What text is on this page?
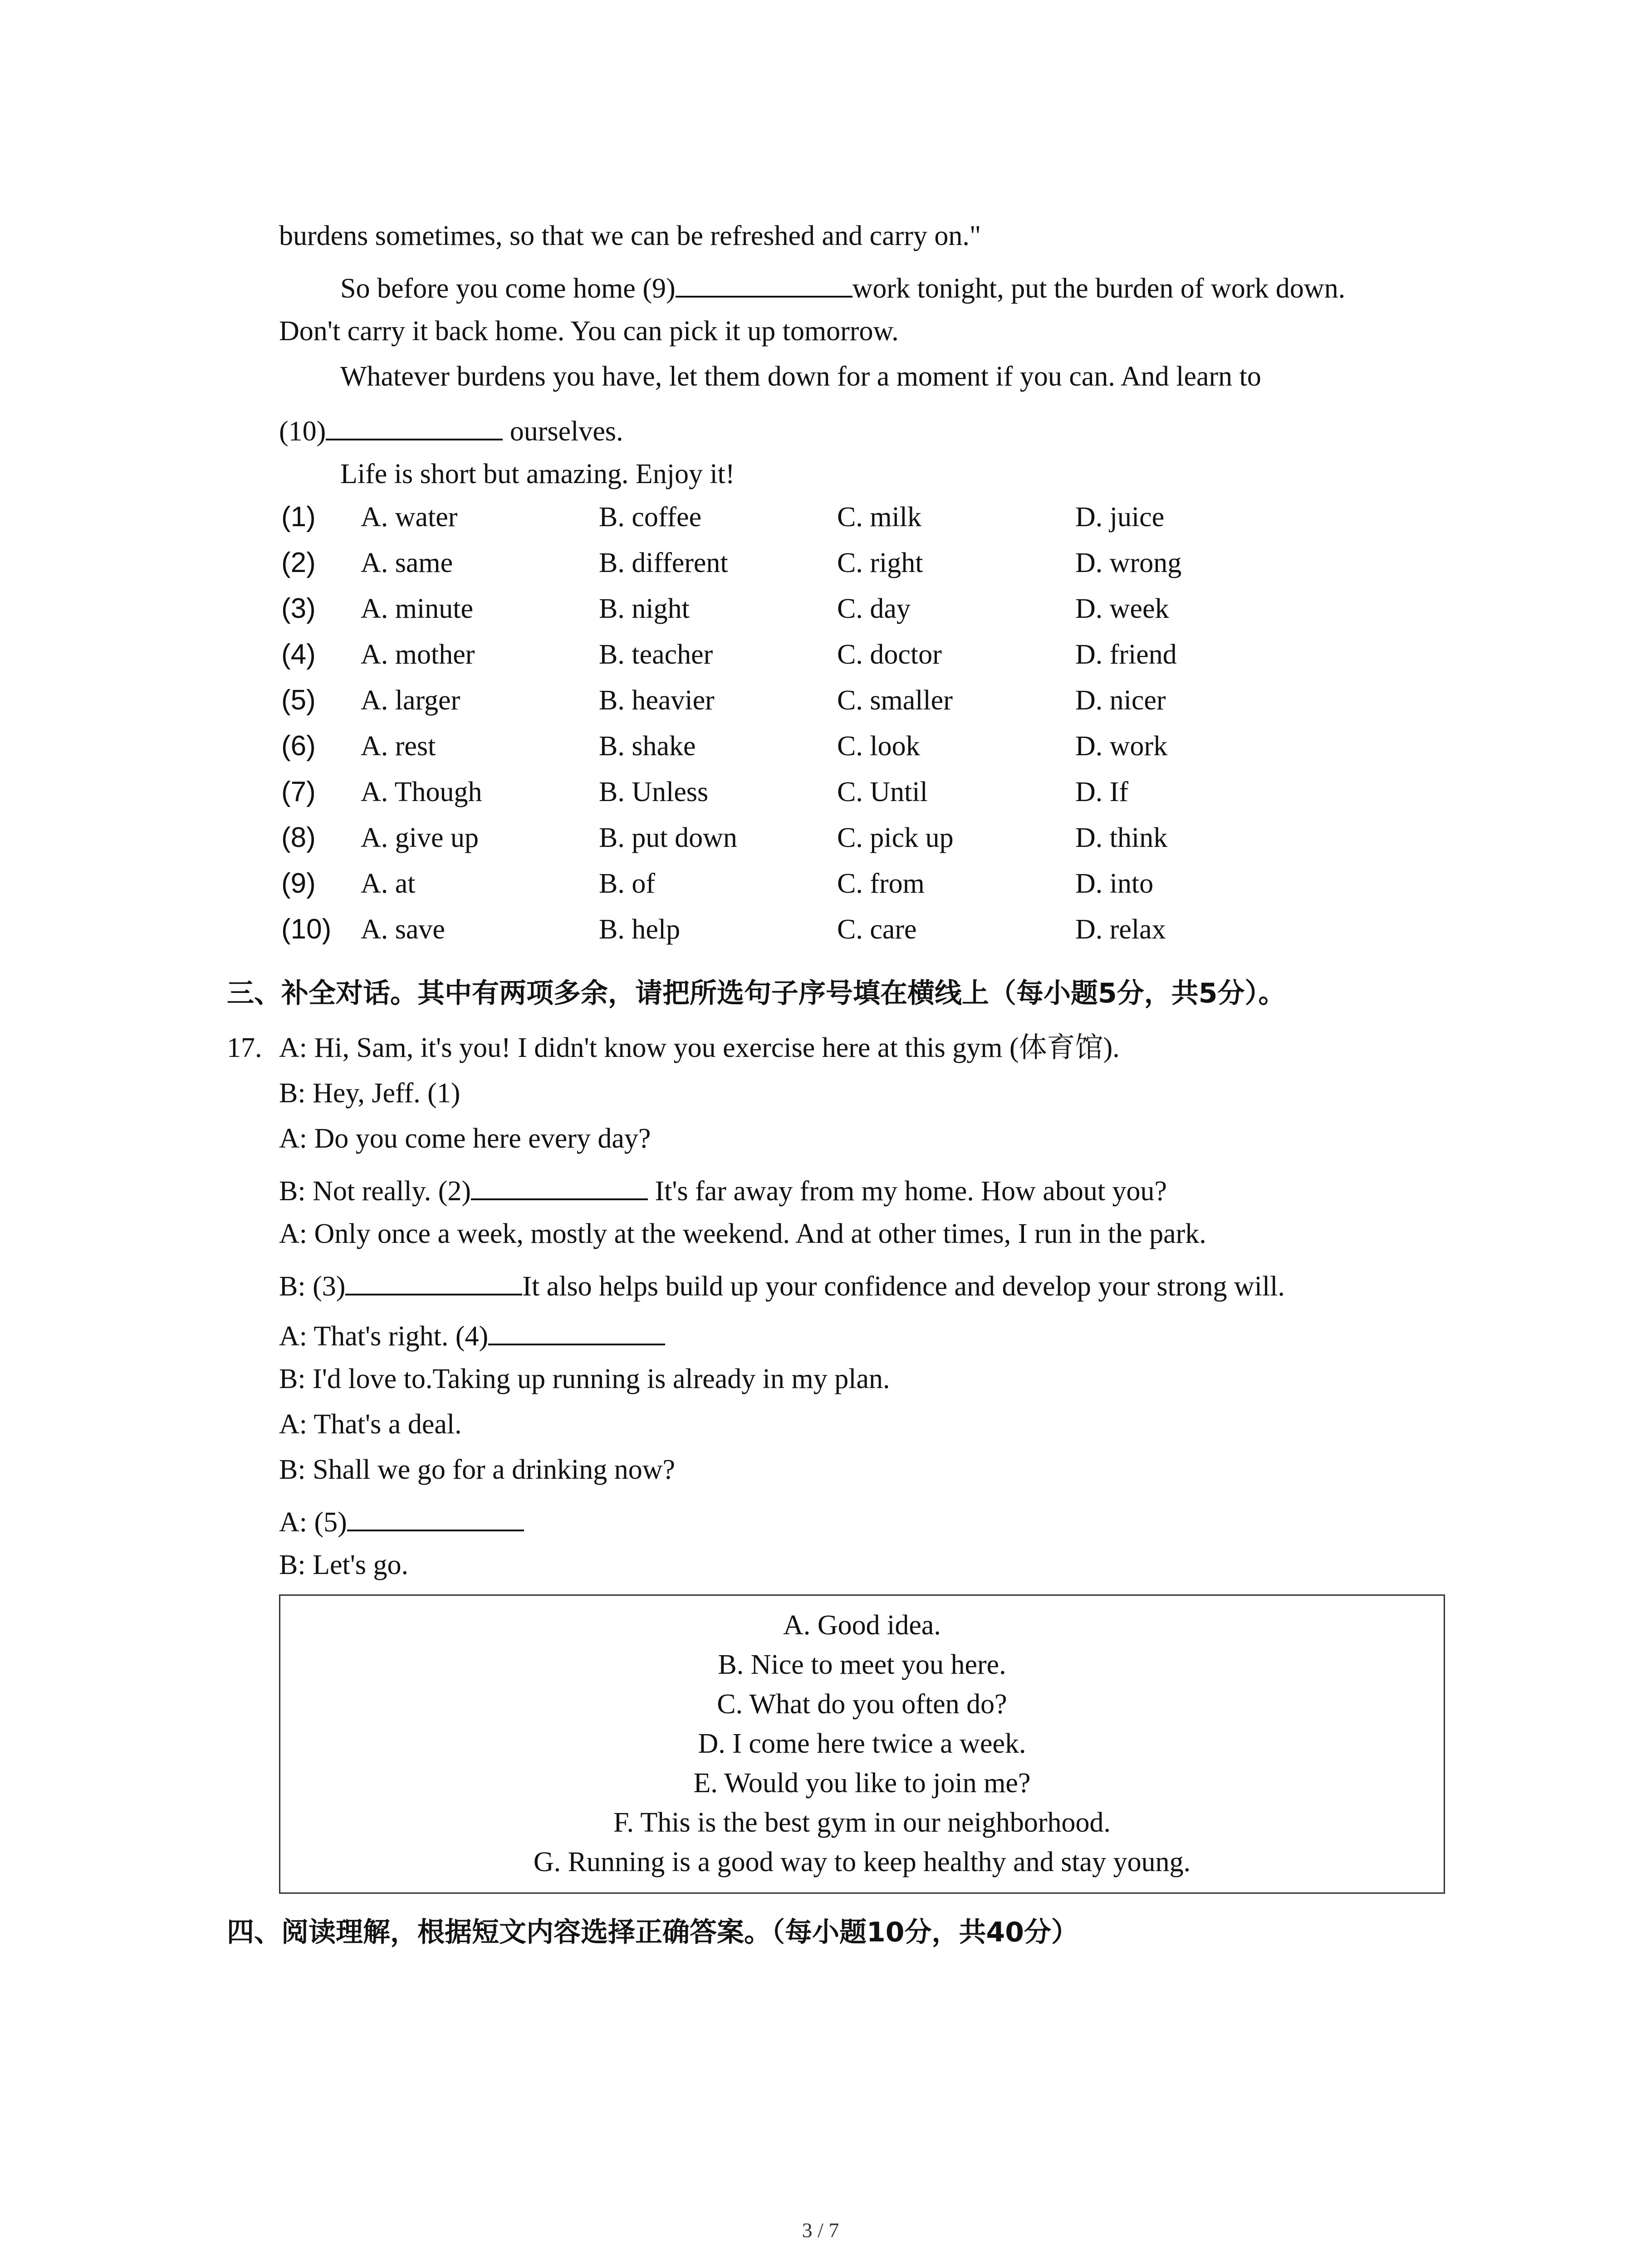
burdens sometimes, so that we can be refreshed and carry on."
So before you come home (9)	work tonight, put the burden of work down.
Don't carry it back home. You can pick it up tomorrow.
Whatever burdens you have, let them down for a moment if you can. And learn to
(10)	ourselves.
Life is short but amazing. Enjoy it!
(1) A. water	B. coffee	C. milk	D. juice
(2) A. same	B. different	C. right	D. wrong
(3) A. minute	B. night	C. day	D. week
(4) A. mother	B. teacher	C. doctor	D. friend
(5) A. larger	B. heavier	C. smaller	D. nicer
(6) A. rest	B. shake	C. look	D. work
(7) A. Though	B. Unless	C. Until	D. If
(8) A. give up	B. put down	C. pick up	D. think
(9) A. at	B. of	C. from	D. into
(10) A. save	B. help	C. care	D. relax
三、补全对话。其中有两项多余，请把所选句子序号填在横线上（每小题5分，共5分）。
17. A: Hi, Sam, it's you! I didn't know you exercise here at this gym (体育馆).
B: Hey, Jeff. (1)
A: Do you come here every day?
B: Not really. (2)	It's far away from my home. How about you?
A: Only once a week, mostly at the weekend. And at other times, I run in the park.
B: (3)	It also helps build up your confidence and develop your strong will.
A: That's right. (4)
B: I'd love to.Taking up running is already in my plan.
A: That's a deal.
B: Shall we go for a drinking now?
A: (5)
B: Let's go.
A. Good idea.
B. Nice to meet you here.
C. What do you often do?
D. I come here twice a week.
E. Would you like to join me?
F. This is the best gym in our neighborhood.
G. Running is a good way to keep healthy and stay young.
四、阅读理解，根据短文内容选择正确答案。（每小题10分，共40分）
3 / 7
